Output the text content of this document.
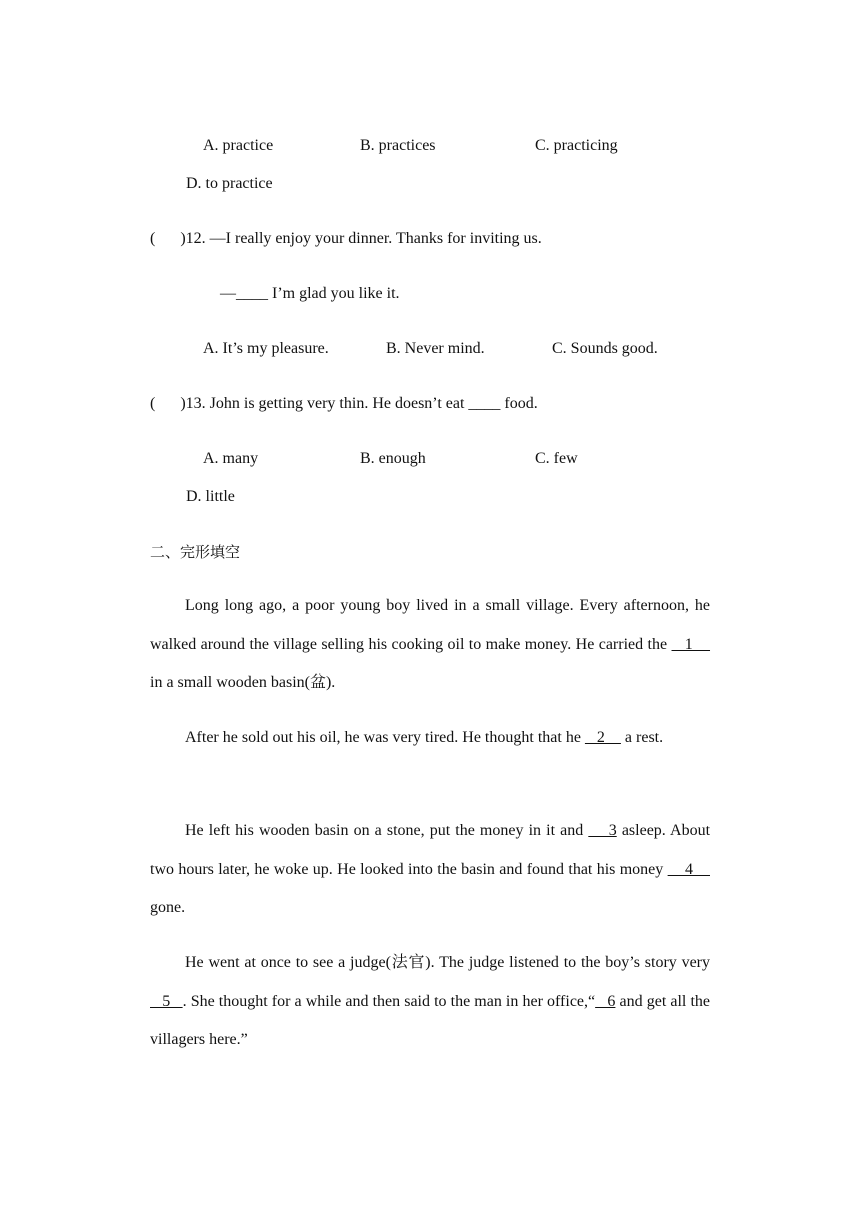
A. practice	B. practices	C. practicing
D. to practice
( )12. —I really enjoy your dinner. Thanks for inviting us.
—____ I’m glad you like it.
A. It’s my pleasure.	B. Never mind.	C. Sounds good.
( )13. John is getting very thin. He doesn’t eat ____ food.
A. many	B. enough	C. few
D. little
二、完形填空
Long long ago, a poor young boy lived in a small village. Every afternoon, he walked around the village selling his cooking oil to make money. He carried the    1     in a small wooden basin(盆).
After he sold out his oil, he was very tired. He thought that he    2     a rest.
He left his wooden basin on a stone, put the money in it and     3 asleep. About two hours later, he woke up. He looked into the basin and found that his money     4     gone.
He went at once to see a judge(法官). The judge listened to the boy’s story very    5   . She thought for a while and then said to the man in her office,“   6 and get all the villagers here.”
